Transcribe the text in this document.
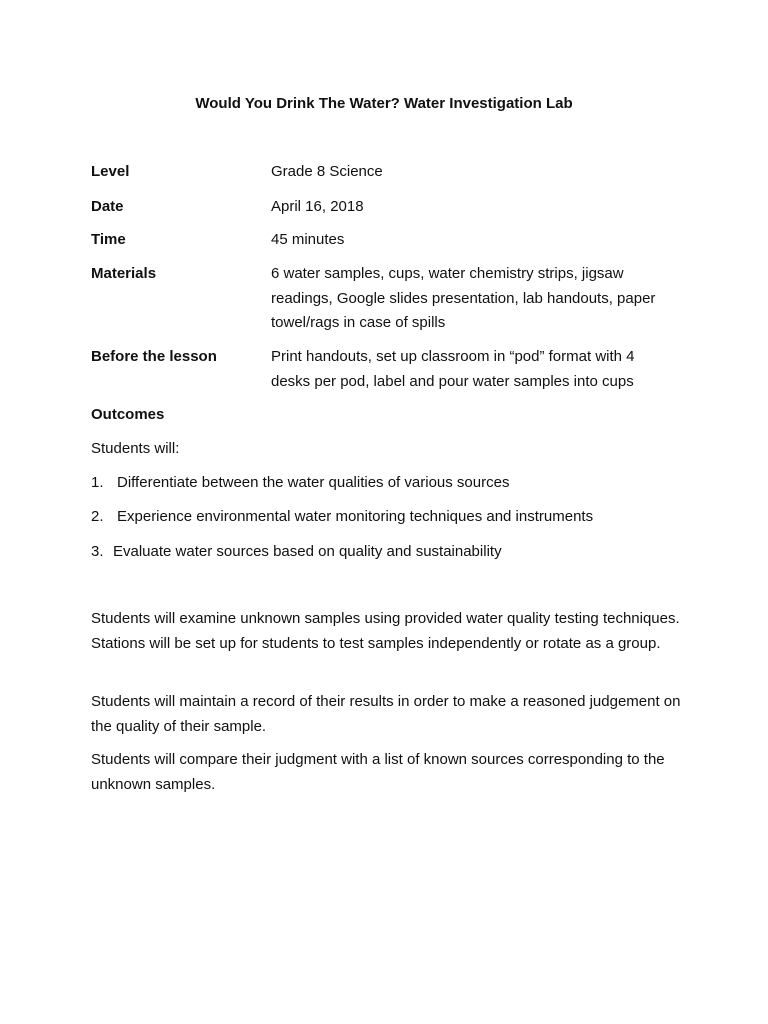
Would You Drink The Water? Water Investigation Lab
Level	Grade 8 Science
Date	April 16, 2018
Time	45 minutes
Materials	6 water samples, cups, water chemistry strips, jigsaw readings, Google slides presentation, lab handouts, paper towel/rags in case of spills
Before the lesson	Print handouts, set up classroom in “pod” format with 4 desks per pod, label and pour water samples into cups
Outcomes
Students will:
1. Differentiate between the water qualities of various sources
2. Experience environmental water monitoring techniques and instruments
3. Evaluate water sources based on quality and sustainability
Students will examine unknown samples using provided water quality testing techniques. Stations will be set up for students to test samples independently or rotate as a group.
Students will maintain a record of their results in order to make a reasoned judgement on the quality of their sample.
Students will compare their judgment with a list of known sources corresponding to the unknown samples.
